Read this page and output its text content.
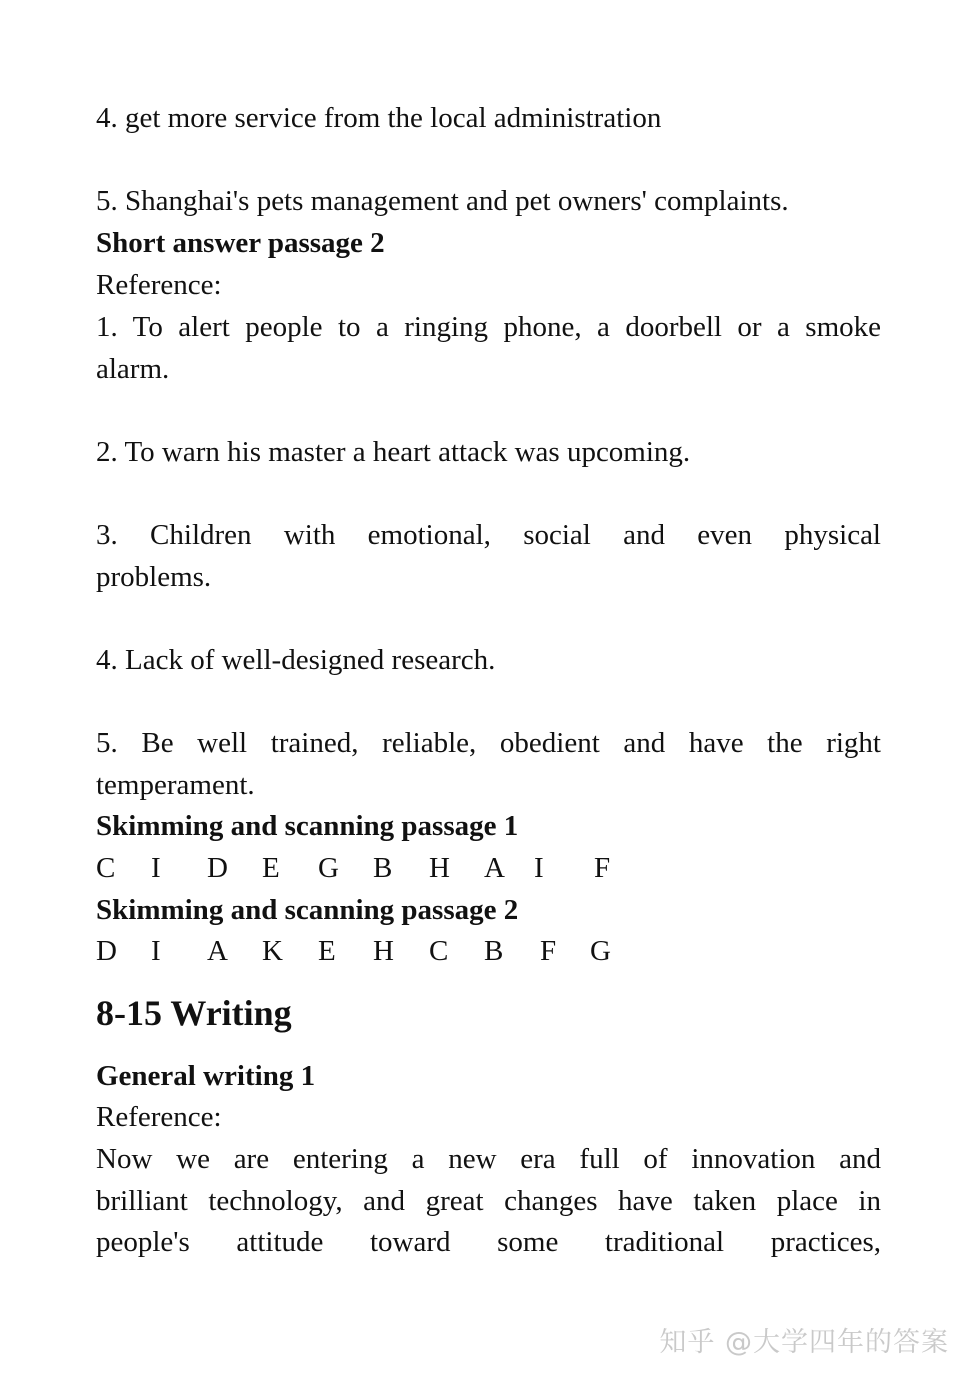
4. get more service from the local administration
5. Shanghai's pets management and pet owners' complaints.
Short answer passage 2
Reference:
1. To alert people to a ringing phone, a doorbell or a smoke
alarm.
2. To warn his master a heart attack was upcoming.
3. Children with emotional, social and even physical
problems.
4. Lack of well-designed research.
5. Be well trained, reliable, obedient and have the right
temperament.
Skimming and scanning passage 1
C	I	D	E	G	B	H	A	I	F
Skimming and scanning passage 2
D	I	A	K	E	H	C	B	F	G
8-15 Writing
General writing 1
Reference:
Now we are entering a new era full of innovation and
brilliant technology, and great changes have taken place in
people's attitude toward some traditional practices,
知乎 @大学四年的答案
